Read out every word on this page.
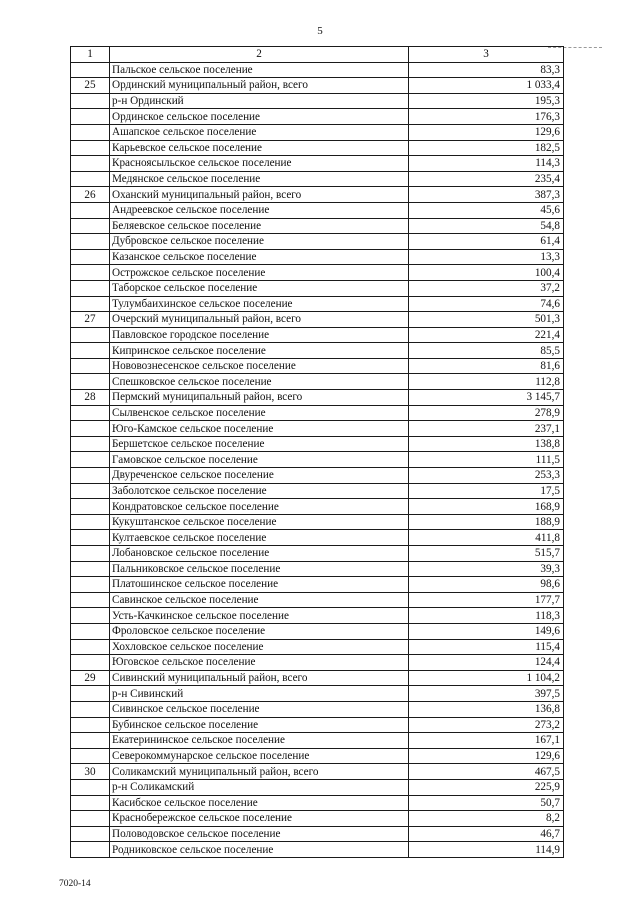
5
1	2	3
	Пальское сельское поселение	83,3
25	Ординский муниципальный район, всего	1 033,4
	р-н Ординский	195,3
	Ординское сельское поселение	176,3
	Ашапское сельское поселение	129,6
	Карьевское сельское поселение	182,5
	Красноясыльское сельское поселение	114,3
	Медянское сельское поселение	235,4
26	Оханский муниципальный район, всего	387,3
	Андреевское сельское поселение	45,6
	Беляевское сельское поселение	54,8
	Дубровское сельское поселение	61,4
	Казанское сельское поселение	13,3
	Острожское сельское поселение	100,4
	Таборское сельское поселение	37,2
	Тулумбаихинское сельское поселение	74,6
27	Очерский муниципальный район, всего	501,3
	Павловское городское поселение	221,4
	Кипринское сельское поселение	85,5
	Нововознесенское сельское поселение	81,6
	Спешковское сельское поселение	112,8
28	Пермский муниципальный район, всего	3 145,7
	Сылвенское сельское поселение	278,9
	Юго-Камское сельское поселение	237,1
	Бершетское сельское поселение	138,8
	Гамовское сельское поселение	111,5
	Двуреченское сельское поселение	253,3
	Заболотское сельское поселение	17,5
	Кондратовское сельское поселение	168,9
	Кукуштанское сельское поселение	188,9
	Култаевское сельское поселение	411,8
	Лобановское сельское поселение	515,7
	Пальниковское сельское поселение	39,3
	Платошинское сельское поселение	98,6
	Савинское сельское поселение	177,7
	Усть-Качкинское сельское поселение	118,3
	Фроловское сельское поселение	149,6
	Хохловское сельское поселение	115,4
	Юговское сельское поселение	124,4
29	Сивинский муниципальный район, всего	1 104,2
	р-н Сивинский	397,5
	Сивинское сельское поселение	136,8
	Бубинское сельское поселение	273,2
	Екатерининское сельское поселение	167,1
	Северокоммунарское сельское поселение	129,6
30	Соликамский муниципальный район, всего	467,5
	р-н Соликамский	225,9
	Касибское сельское поселение	50,7
	Краснобережское сельское поселение	8,2
	Половодовское сельское поселение	46,7
	Родниковское сельское поселение	114,9
7020-14
